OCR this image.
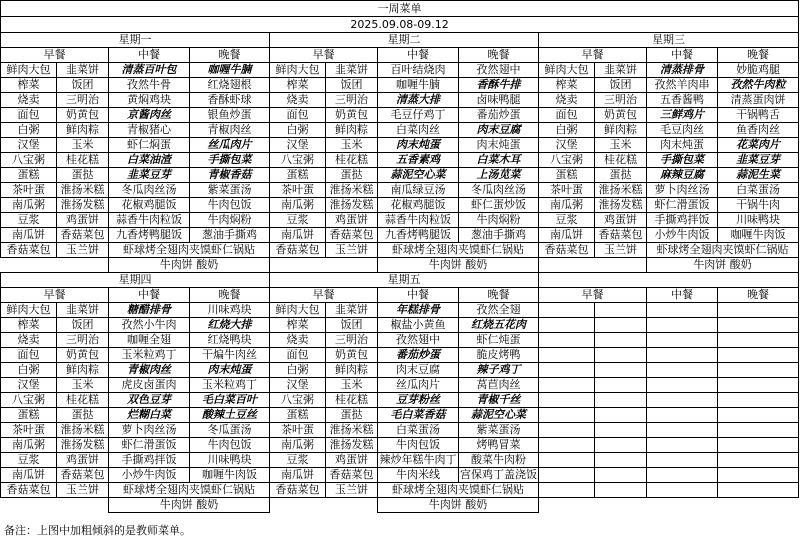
一周菜单											
2025.09.08-09.12											
星期一				星期二				星期三			
早餐		中餐	晚餐	早餐		中餐	晚餐	早餐		中餐	晚餐
鲜肉大包	韭菜饼	清蒸百叶包	咖喱牛腩	鲜肉大包	韭菜饼	百叶结烧肉	孜然翅中	鲜肉大包	韭菜饼	清蒸排骨	妙脆鸡腿
榨菜	饭团	孜然牛骨	红烧翅根	榨菜	饭团	咖喱牛腩	香酥牛排	榨菜	饭团	孜然羊肉串	孜然牛肉粒
烧卖	三明治	黄焖鸡块	香酥虾球	烧卖	三明治	清蒸大排	卤味鸭腿	烧卖	三明治	五香酱鸭	清蒸蛋肉饼
面包	奶黄包	京酱肉丝	银鱼炒蛋	面包	奶黄包	毛豆仔鸡丁	番茄炒蛋	面包	奶黄包	三鲜鸡片	干锅鸭舌
白粥	鲜肉粽	青椒猪心	青椒肉丝	白粥	鲜肉粽	白菜肉丝	肉末豆腐	白粥	鲜肉粽	毛豆肉丝	鱼香肉丝
汉堡	玉米	虾仁焖蛋	丝瓜肉片	汉堡	玉米	肉末炖蛋	肉末炖蛋	汉堡	玉米	肉末炖蛋	花菜肉片
八宝粥	桂花糕	白菜油渣	手撕包菜	八宝粥	桂花糕	五香素鸡	白菜木耳	八宝粥	桂花糕	手撕包菜	韭菜豆芽
蛋糕	蛋挞	韭菜豆芽	青椒香菇	蛋糕	蛋挞	蒜泥空心菜	上汤苋菜	蛋糕	蛋挞	麻辣豆腐	蒜泥生菜
茶叶蛋	淮扬米糕	冬瓜肉丝汤	紫菜蛋汤	茶叶蛋	淮扬米糕	南瓜绿豆汤	冬瓜肉丝汤	茶叶蛋	淮扬米糕	萝卜肉丝汤	白菜蛋汤
南瓜粥	淮扬发糕	花椒鸡腿饭	牛肉包饭	南瓜粥	淮扬发糕	花椒鸡腿饭	虾仁蛋炒饭	南瓜粥	淮扬发糕	虾仁滑蛋饭	干锅牛肉
豆浆	鸡蛋饼	蒜香牛肉粒饭	牛肉焖粉	豆浆	鸡蛋饼	蒜香牛肉粒饭	牛肉焖粉	豆浆	鸡蛋饼	手撕鸡拌饭	川味鸭块
南瓜饼	香菇菜包	九香烤鸭腿饭	葱油手撕鸡	南瓜饼	香菇菜包	九香烤鸭腿饭	葱油手撕鸡	南瓜饼	香菇菜包	小炒牛肉饭	咖喱牛肉饭
香菇菜包	玉兰饼	虾球烤全翅肉夹馍虾仁锅贴		香菇菜包	玉兰饼	虾球烤全翅肉夹馍虾仁锅贴		香菇菜包	玉兰饼	虾球烤全翅肉夹馍虾仁锅贴	
		牛肉饼 酸奶				牛肉饼 酸奶				牛肉饼 酸奶	
星期四				星期五							
早餐		中餐	晚餐	早餐		中餐	晚餐	早餐		中餐	晚餐
鲜肉大包	韭菜饼	糖醋排骨	川味鸡块	鲜肉大包	韭菜饼	年糕排骨	孜然全翅				
榨菜	饭团	孜然小牛肉	红烧大排	榨菜	饭团	椒盐小黄鱼	红烧五花肉				
烧卖	三明治	咖喱全翅	红烧鸭块	烧卖	三明治	孜然翅中	虾仁炖蛋				
面包	奶黄包	玉米粒鸡丁	干煸牛肉丝	面包	奶黄包	番茄炒蛋	脆皮烤鸭				
白粥	鲜肉粽	青椒肉丝	肉末炖蛋	白粥	鲜肉粽	肉末豆腐	辣子鸡丁				
汉堡	玉米	虎皮卤蛋肉	玉米粒鸡丁	汉堡	玉米	丝瓜肉片	莴苣肉丝				
八宝粥	桂花糕	双色豆芽	毛白菜百叶	八宝粥	桂花糕	豆芽粉丝	青椒千丝				
蛋糕	蛋挞	烂糊白菜	酸辣土豆丝	蛋糕	蛋挞	毛白菜香菇	蒜泥空心菜				
茶叶蛋	淮扬米糕	萝卜肉丝汤	冬瓜蛋汤	茶叶蛋	淮扬米糕	白菜蛋汤	紫菜蛋汤				
南瓜粥	淮扬发糕	虾仁滑蛋饭	牛肉包饭	南瓜粥	淮扬发糕	牛肉包饭	烤鸭冒菜				
豆浆	鸡蛋饼	手撕鸡拌饭	川味鸭块	豆浆	鸡蛋饼	辣炒年糕牛肉丁	酸菜牛肉粉				
南瓜饼	香菇菜包	小炒牛肉饭	咖喱牛肉饭	南瓜饼	香菇菜包	牛肉米线	宫保鸡丁盖浇饭				
香菇菜包	玉兰饼	虾球烤全翅肉夹馍虾仁锅贴		香菇菜包	玉兰饼	虾球烤全翅肉夹馍虾仁锅贴					
		牛肉饼 酸奶				牛肉饼 酸奶					
备注：上图中加粗倾斜的是教师菜单。
